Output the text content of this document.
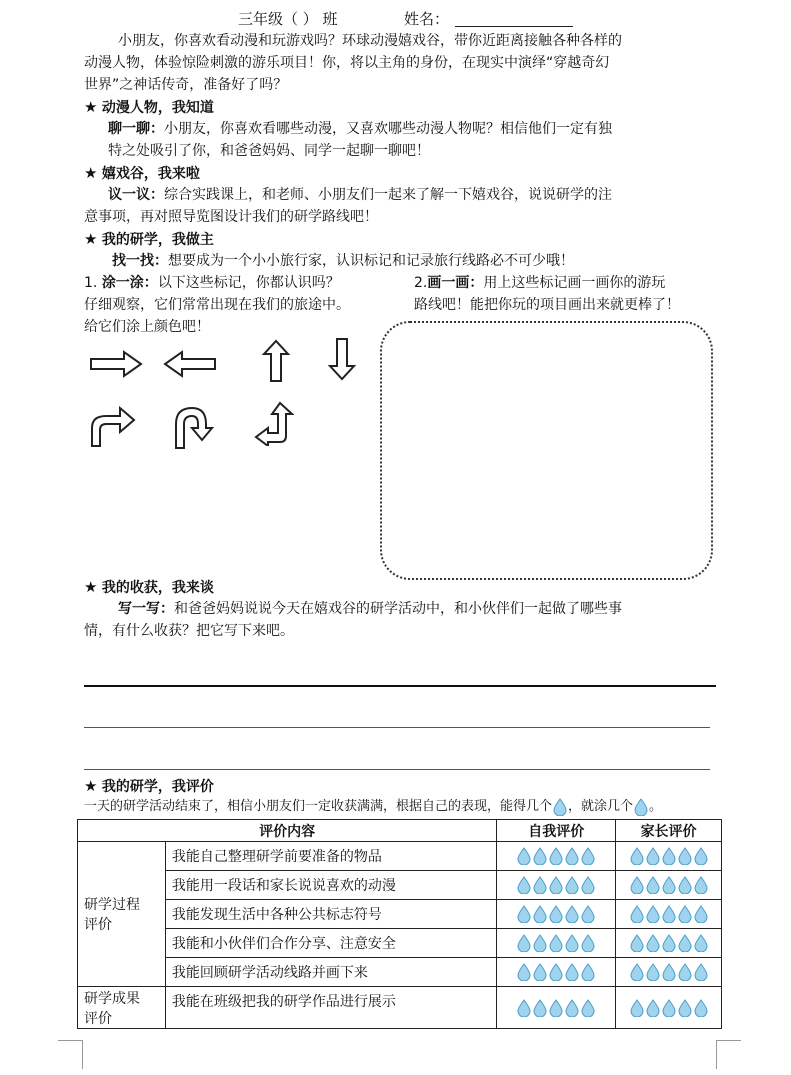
三年级（ ） 班	姓名：
小朋友，你喜欢看动漫和玩游戏吗？环球动漫嬉戏谷，带你近距离接触各种各样的
动漫人物，体验惊险刺激的游乐项目！你，将以主角的身份，在现实中演绎“穿越奇幻
世界”之神话传奇，准备好了吗？
★ 动漫人物，我知道
聊一聊：小朋友，你喜欢看哪些动漫，又喜欢哪些动漫人物呢？相信他们一定有独
特之处吸引了你，和爸爸妈妈、同学一起聊一聊吧！
★ 嬉戏谷，我来啦
议一议：综合实践课上，和老师、小朋友们一起来了解一下嬉戏谷，说说研学的注
意事项，再对照导览图设计我们的研学路线吧！
★ 我的研学，我做主
找一找：想要成为一个小小旅行家，认识标记和记录旅行线路必不可少哦！
1. 涂一涂：以下这些标记，你都认识吗？
仔细观察，它们常常出现在我们的旅途中。
给它们涂上颜色吧！
2.画一画：用上这些标记画一画你的游玩
路线吧！能把你玩的项目画出来就更棒了！
★ 我的收获，我来谈
写一写：和爸爸妈妈说说今天在嬉戏谷的研学活动中，和小伙伴们一起做了哪些事
情，有什么收获？把它写下来吧。
★ 我的研学，我评价
一天的研学活动结束了，相信小朋友们一定收获满满，根据自己的表现，能得几个 ，就涂几个 。
评价内容		自我评价	家长评价
研学过程
评价	我能自己整理研学前要准备的物品		
	我能用一段话和家长说说喜欢的动漫		
	我能发现生活中各种公共标志符号		
	我能和小伙伴们合作分享、注意安全		
	我能回顾研学活动线路并画下来		
研学成果
评价	我能在班级把我的研学作品进行展示		
